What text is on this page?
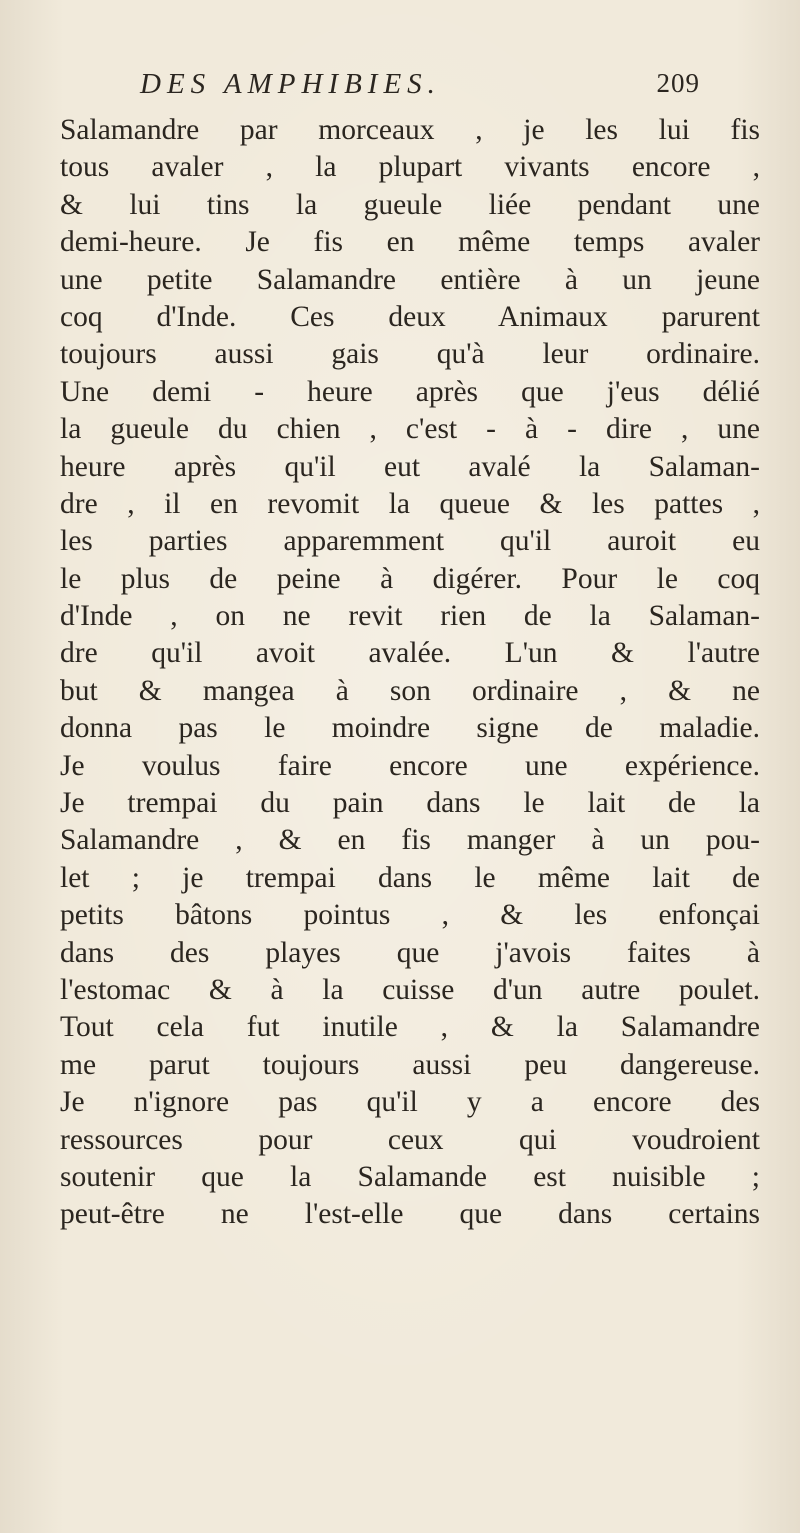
DES AMPHIBIES.	209
Salamandre par morceaux , je les lui fis
tous avaler , la plupart vivants encore ,
& lui tins la gueule liée pendant une
demi-heure. Je fis en même temps avaler
une petite Salamandre entière à un jeune
coq d'Inde. Ces deux Animaux parurent
toujours aussi gais qu'à leur ordinaire.
Une demi - heure après que j'eus délié
la gueule du chien , c'est - à - dire , une
heure après qu'il eut avalé la Salaman-
dre , il en revomit la queue & les pattes ,
les parties apparemment qu'il auroit eu
le plus de peine à digérer. Pour le coq
d'Inde , on ne revit rien de la Salaman-
dre qu'il avoit avalée. L'un & l'autre
but & mangea à son ordinaire , & ne
donna pas le moindre signe de maladie.
Je voulus faire encore une expérience.
Je trempai du pain dans le lait de la
Salamandre , & en fis manger à un pou-
let ; je trempai dans le même lait de
petits bâtons pointus , & les enfonçai
dans des playes que j'avois faites à
l'estomac & à la cuisse d'un autre poulet.
Tout cela fut inutile , & la Salamandre
me parut toujours aussi peu dangereuse.
Je n'ignore pas qu'il y a encore des
ressources pour ceux qui voudroient
soutenir que la Salamande est nuisible ;
peut-être ne l'est-elle que dans certains
